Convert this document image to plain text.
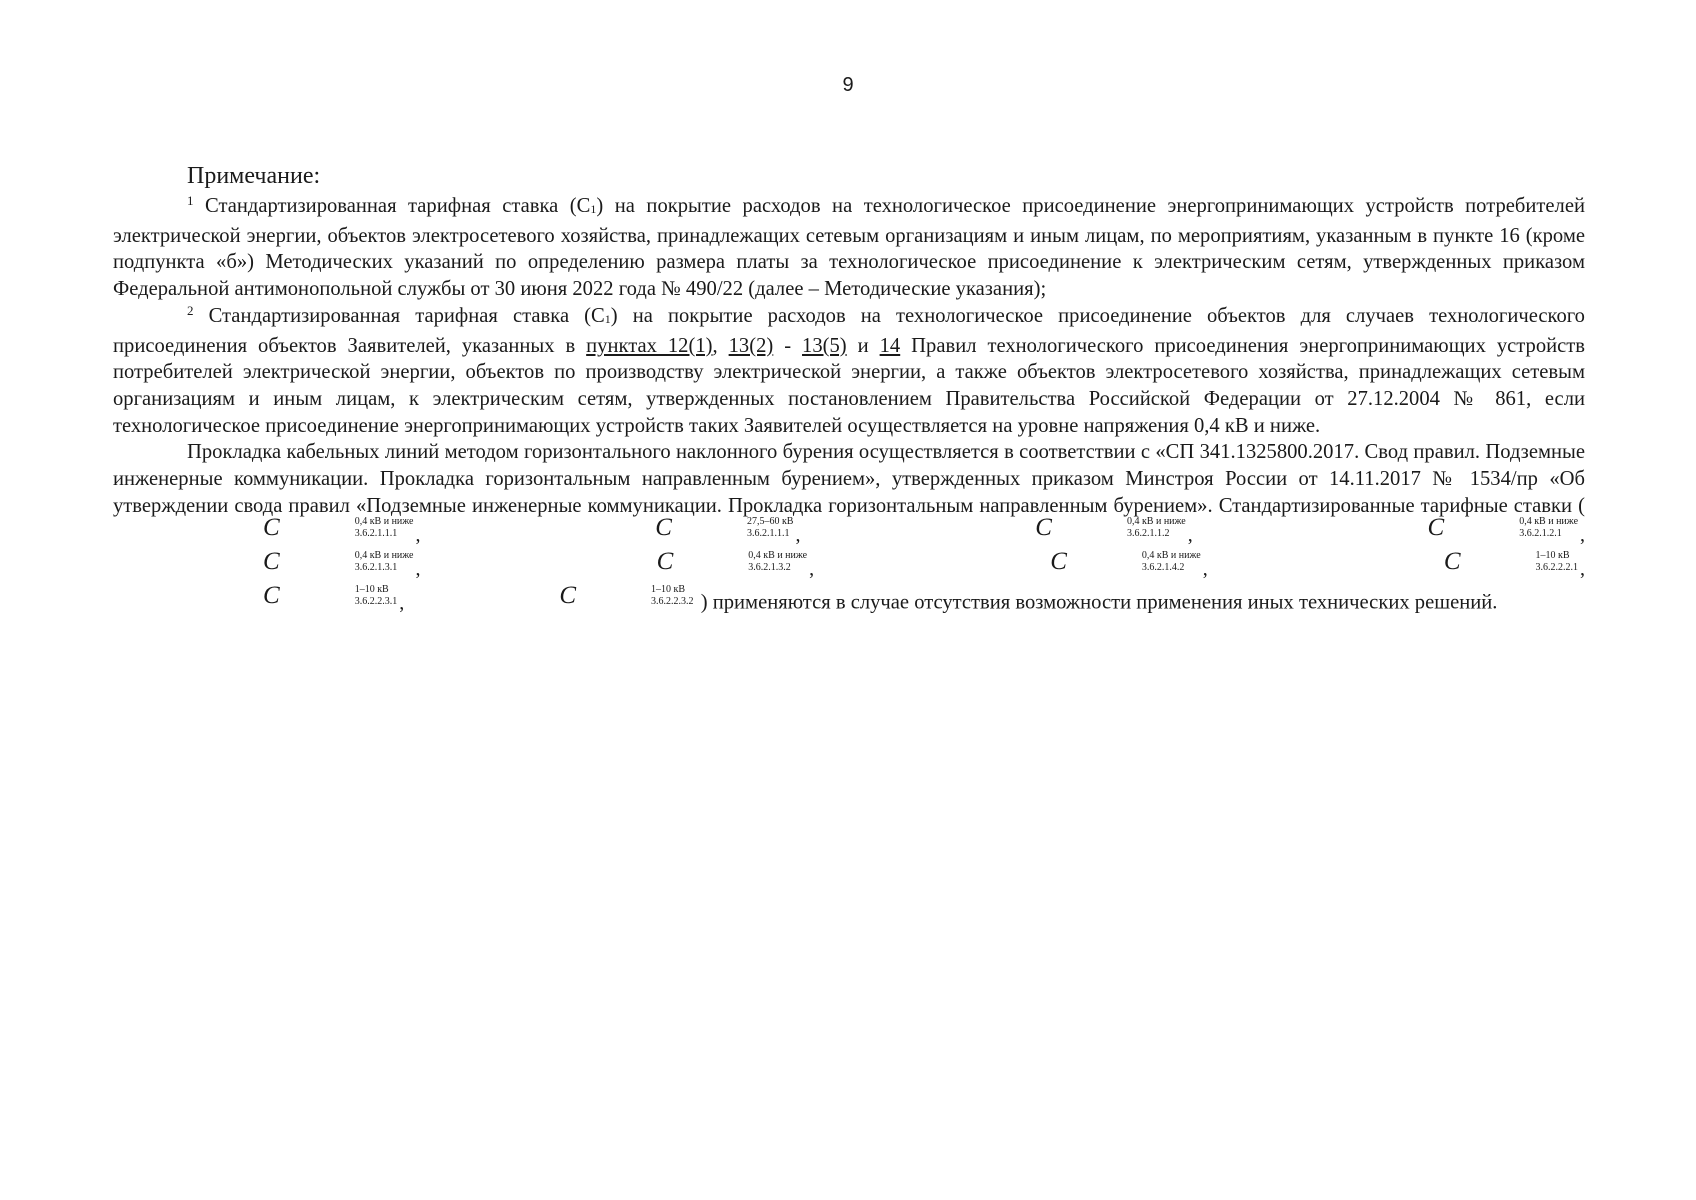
9
Примечание:

$^1$ Стандартизированная тарифная ставка (С1) на покрытие расходов на технологическое присоединение энергопринимающих устройств потребителей электрической энергии, объектов электросетевого хозяйства, принадлежащих сетевым организациям и иным лицам, по мероприятиям, указанным в пункте 16 (кроме подпункта «б») Методических указаний по определению размера платы за технологическое присоединение к электрическим сетям, утвержденных приказом Федеральной антимонопольной службы от 30 июня 2022 года № 490/22 (далее – Методические указания);

$^2$ Стандартизированная тарифная ставка (С1) на покрытие расходов на технологическое присоединение объектов для случаев технологического присоединения объектов Заявителей, указанных в пунктах 12(1), 13(2) - 13(5) и 14 Правил технологического присоединения энергопринимающих устройств потребителей электрической энергии, объектов по производству электрической энергии, а также объектов электросетевого хозяйства, принадлежащих сетевым организациям и иным лицам, к электрическим сетям, утвержденных постановлением Правительства Российской Федерации от 27.12.2004 № 861, если технологическое присоединение энергопринимающих устройств таких Заявителей осуществляется на уровне напряжения 0,4 кВ и ниже.

Прокладка кабельных линий методом горизонтального наклонного бурения осуществляется в соответствии с «СП 341.1325800.2017. Свод правил. Подземные инженерные коммуникации. Прокладка горизонтальным направленным бурением», утвержденных приказом Минстроя России от 14.11.2017 № 1534/пр «Об утверждении свода правил «Подземные инженерные коммуникации. Прокладка горизонтальным направленным бурением». Стандартизированные тарифные ставки (C	0,4 кВ и ниже
3.6.2.1.1.1 ,	C	27,5–60 кВ
3.6.2.1.1.1 ,	C	0,4 кВ и ниже
3.6.2.1.1.2 ,	C	0,4 кВ и ниже
3.6.2.1.2.1 , C	0,4 кВ и ниже
3.6.2.1.3.1 ,	C	0,4 кВ и ниже
3.6.2.1.3.2 ,	C	0,4 кВ и ниже
3.6.2.1.4.2 ,	C	1–10 кВ
3.6.2.2.2.1 , C	1–10 кВ
3.6.2.2.3.1 ,	C	1–10 кВ
3.6.2.2.3.2 ) применяются в случае отсутствия возможности применения иных технических решений.
